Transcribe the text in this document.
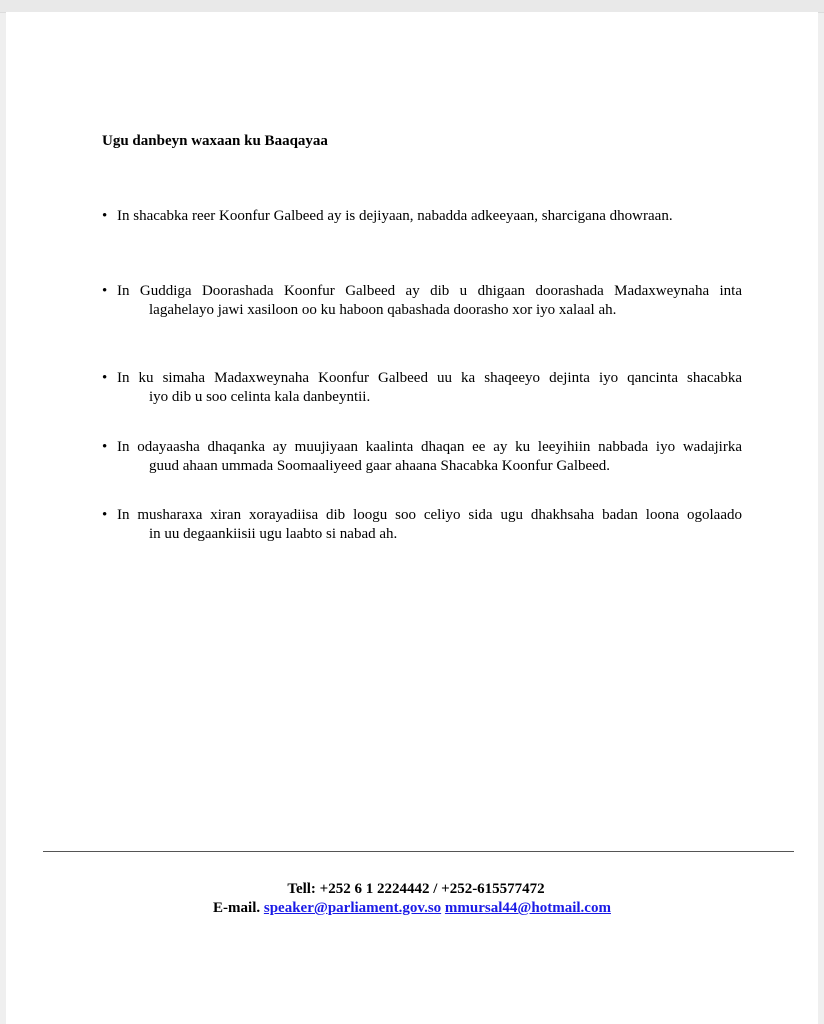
Ugu danbeyn waxaan ku Baaqayaa
• In shacabka reer Koonfur Galbeed ay is dejiyaan, nabadda adkeeyaan, sharcigana dhowraan.
• In Guddiga Doorashada Koonfur Galbeed ay dib u dhigaan doorashada Madaxweynaha inta
lagahelayo jawi xasiloon oo ku haboon qabashada doorasho xor iyo xalaal ah.
• In ku simaha Madaxweynaha Koonfur Galbeed uu ka shaqeeyo dejinta iyo qancinta shacabka
iyo dib u soo celinta kala danbeyntii.
• In odayaasha dhaqanka ay muujiyaan kaalinta dhaqan ee ay ku leeyihiin nabbada iyo wadajirka
guud ahaan ummada Soomaaliyeed gaar ahaana Shacabka Koonfur Galbeed.
• In musharaxa xiran xorayadiisa dib loogu soo celiyo sida ugu dhakhsaha badan loona ogolaado
in uu degaankiisii ugu laabto si nabad ah.
Tell: +252 6 1 2224442 / +252-615577472
E-mail. speaker@parliament.gov.so mmursal44@hotmail.com
